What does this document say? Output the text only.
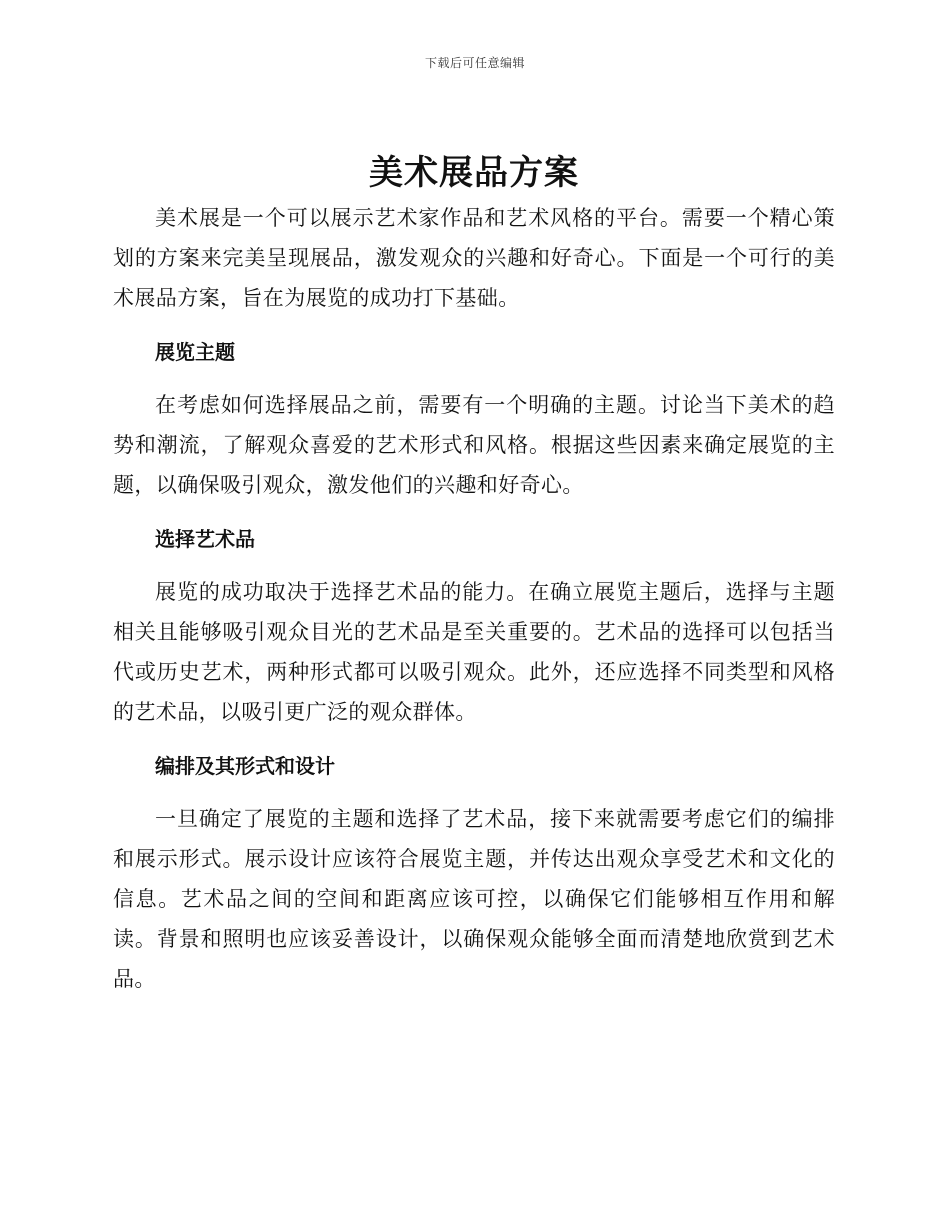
下载后可任意编辑
美术展品方案

美术展是一个可以展示艺术家作品和艺术风格的平台。需要一个精心策划的方案来完美呈现展品，激发观众的兴趣和好奇心。下面是一个可行的美术展品方案，旨在为展览的成功打下基础。

展览主题

在考虑如何选择展品之前，需要有一个明确的主题。讨论当下美术的趋势和潮流，了解观众喜爱的艺术形式和风格。根据这些因素来确定展览的主题，以确保吸引观众，激发他们的兴趣和好奇心。

选择艺术品

展览的成功取决于选择艺术品的能力。在确立展览主题后，选择与主题相关且能够吸引观众目光的艺术品是至关重要的。艺术品的选择可以包括当代或历史艺术，两种形式都可以吸引观众。此外，还应选择不同类型和风格的艺术品，以吸引更广泛的观众群体。

编排及其形式和设计

一旦确定了展览的主题和选择了艺术品，接下来就需要考虑它们的编排和展示形式。展示设计应该符合展览主题，并传达出观众享受艺术和文化的信息。艺术品之间的空间和距离应该可控，以确保它们能够相互作用和解读。背景和照明也应该妥善设计，以确保观众能够全面而清楚地欣赏到艺术品。
